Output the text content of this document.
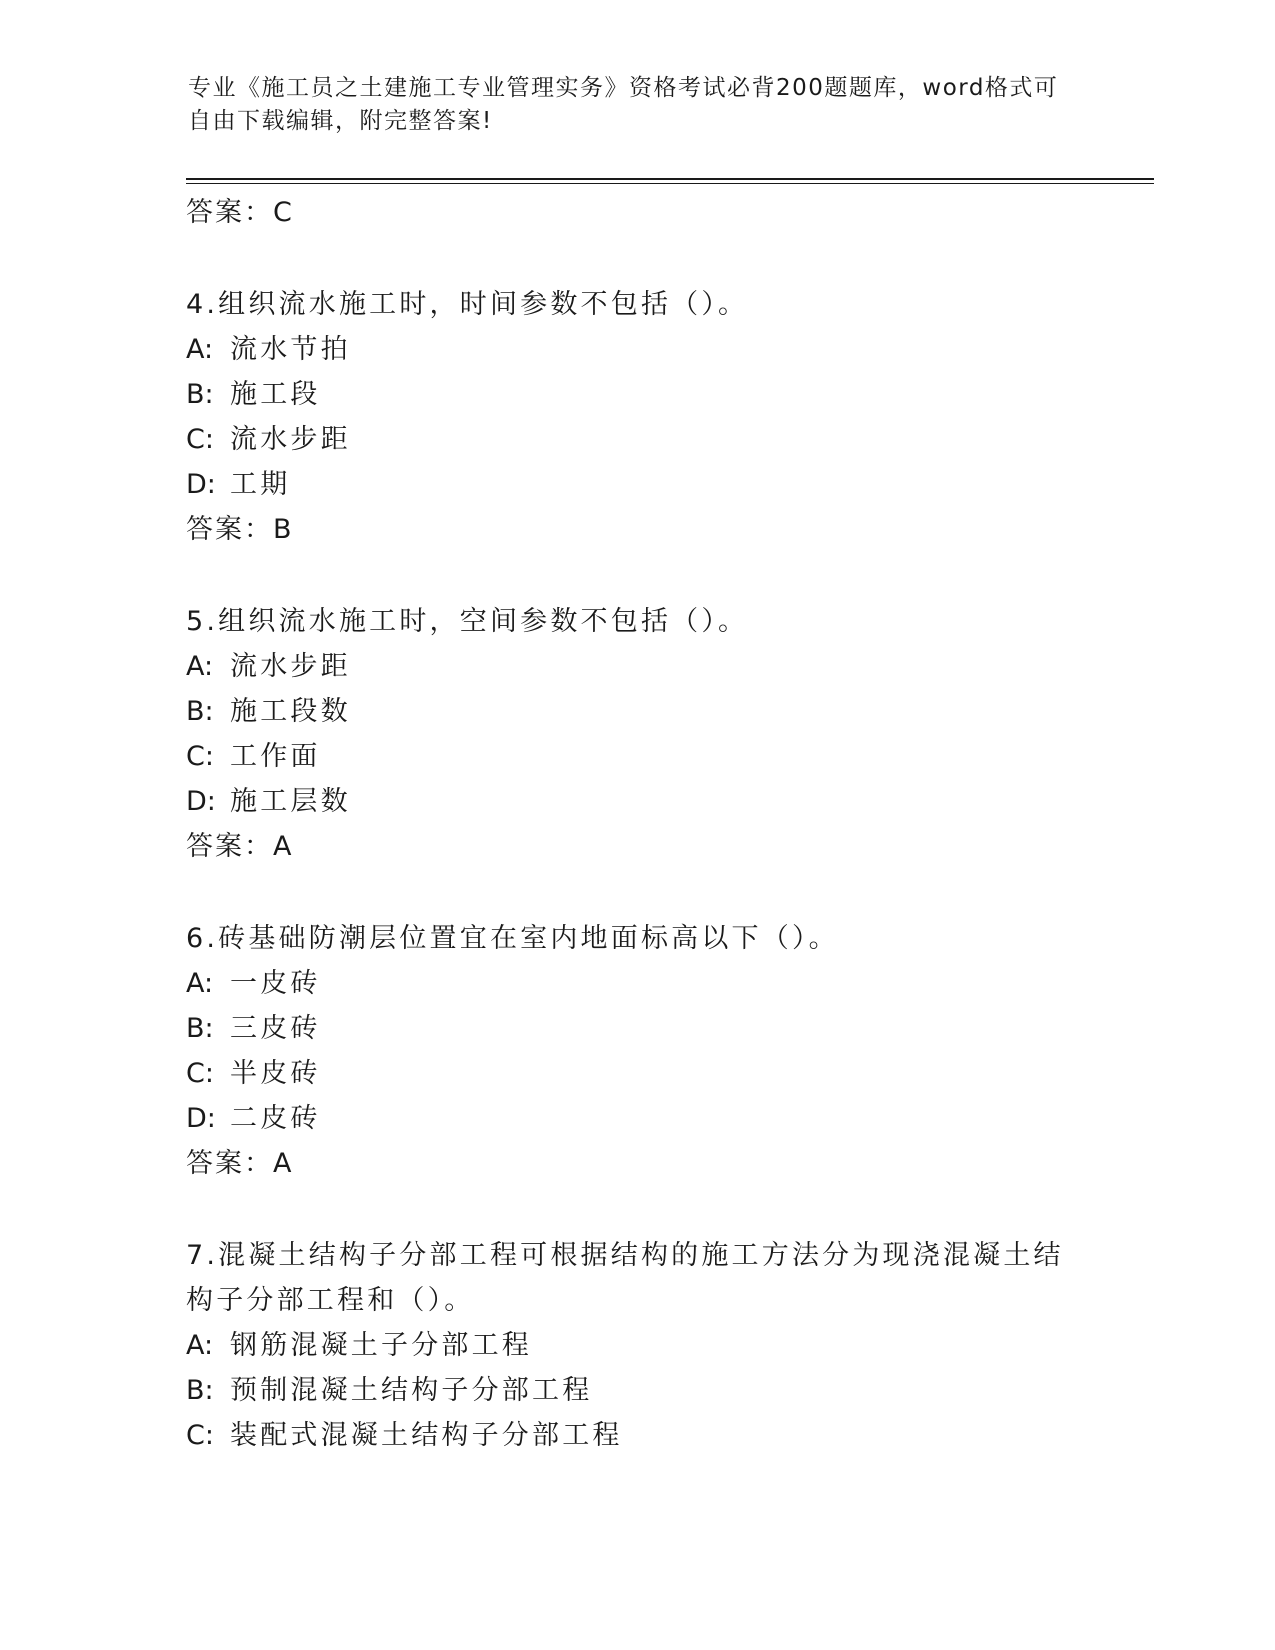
专业《施工员之土建施工专业管理实务》资格考试必背200题题库，word格式可
自由下载编辑，附完整答案!
答案：C
4.组织流水施工时，时间参数不包括（）。
A: 流水节拍
B: 施工段
C: 流水步距
D: 工期
答案：B
5.组织流水施工时，空间参数不包括（）。
A: 流水步距
B: 施工段数
C: 工作面
D: 施工层数
答案：A
6.砖基础防潮层位置宜在室内地面标高以下（）。
A: 一皮砖
B: 三皮砖
C: 半皮砖
D: 二皮砖
答案：A
7.混凝土结构子分部工程可根据结构的施工方法分为现浇混凝土结构子分部工程和（）。
A: 钢筋混凝土子分部工程
B: 预制混凝土结构子分部工程
C: 装配式混凝土结构子分部工程
